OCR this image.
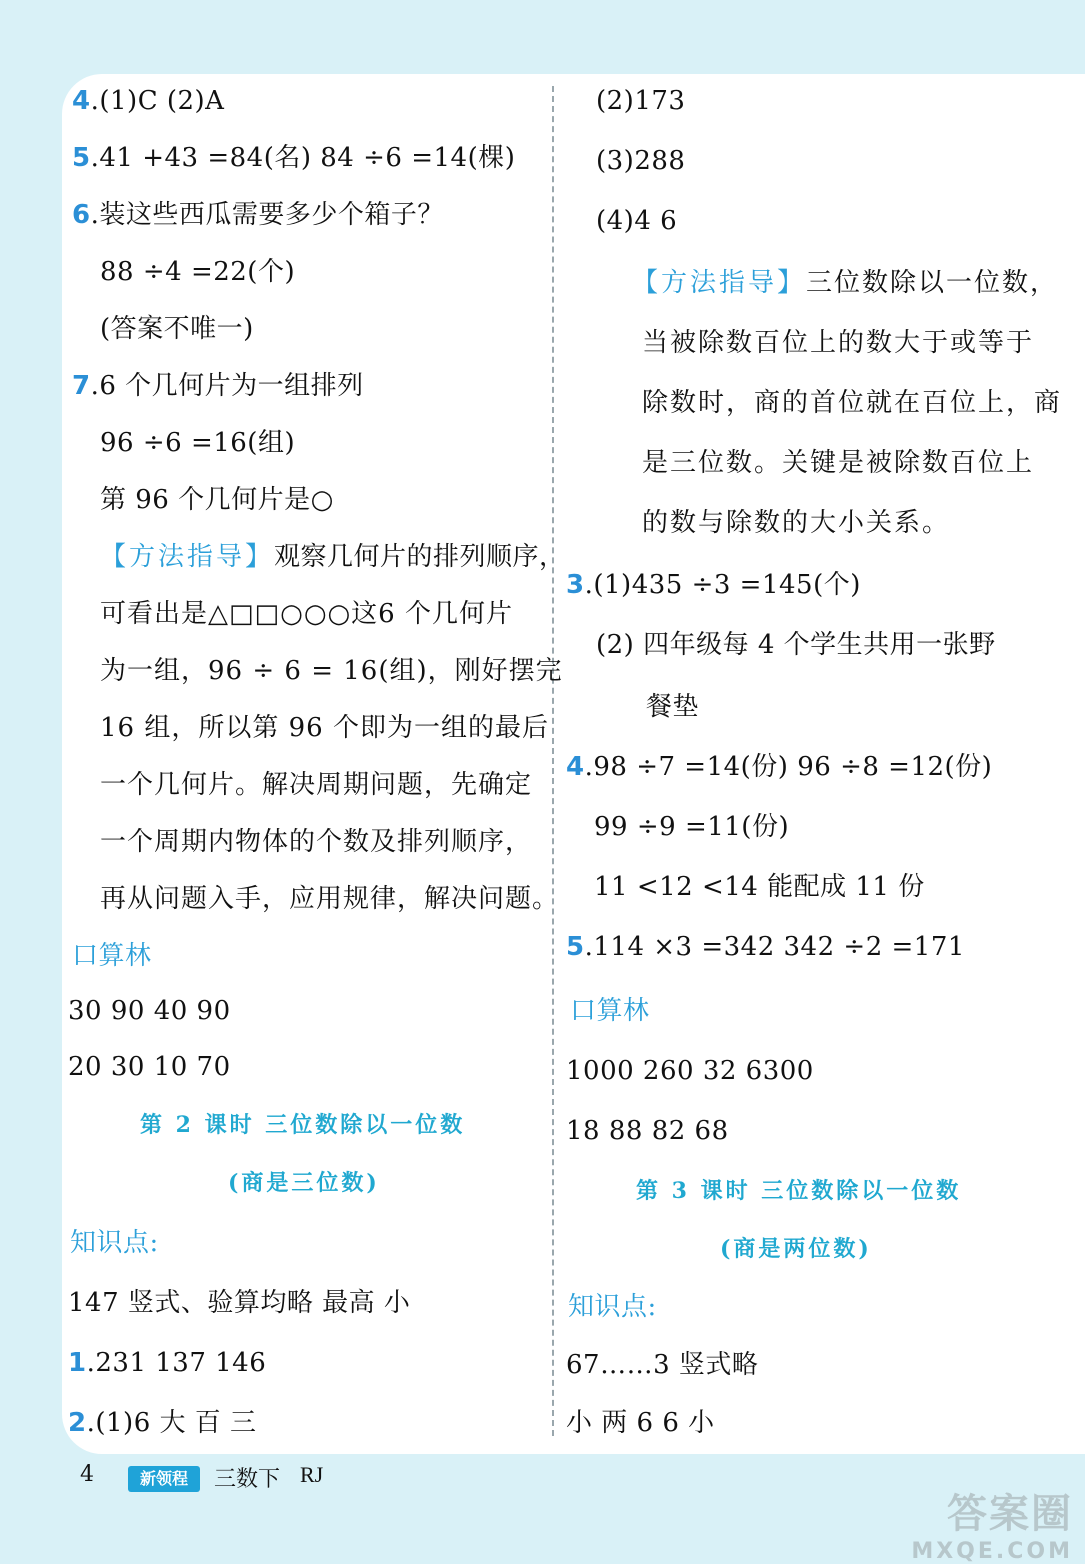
4.(1)C (2)A
5.41 +43 =84(名) 84 ÷6 =14(棵)
6.装这些西瓜需要多少个箱子？
88 ÷4 =22(个)
(答案不唯一)
7.6 个几何片为一组排列
96 ÷6 =16(组)
第 96 个几何片是○
【方法指导】观察几何片的排列顺序，
可看出是△□□○○○这6 个几何片
为一组，96 ÷ 6 = 16(组)，刚好摆完
16 组，所以第 96 个即为一组的最后
一个几何片。解决周期问题，先确定
一个周期内物体的个数及排列顺序，
再从问题入手，应用规律，解决问题。
口算林
30 90 40 90
20 30 10 70
第 2 课时 三位数除以一位数
(商是三位数)
知识点:
147 竖式、验算均略 最高 小
1.231 137 146
2.(1)6 大 百 三
(2)173
(3)288
(4)4 6
【方法指导】三位数除以一位数，
当被除数百位上的数大于或等于
除数时，商的首位就在百位上，商
是三位数。关键是被除数百位上
的数与除数的大小关系。
3.(1)435 ÷3 =145(个)
(2) 四年级每 4 个学生共用一张野
餐垫
4.98 ÷7 =14(份) 96 ÷8 =12(份)
99 ÷9 =11(份)
11 <12 <14 能配成 11 份
5.114 ×3 =342 342 ÷2 =171
口算林
1000 260 32 6300
18 88 82 68
第 3 课时 三位数除以一位数
(商是两位数)
知识点:
67……3 竖式略
小 两 6 6 小
4	新领程	三数下 RJ
答案圈
MXQE.COM
